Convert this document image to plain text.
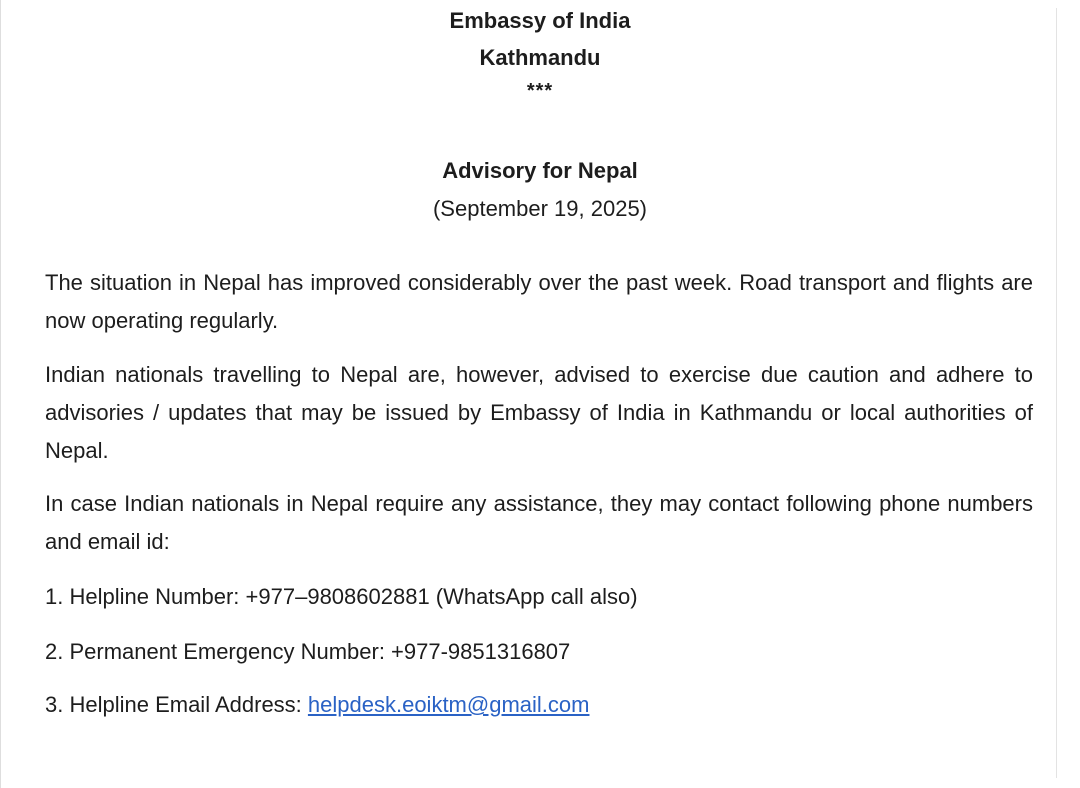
Embassy of India
Kathmandu
***
Advisory for Nepal
(September 19, 2025)
The situation in Nepal has improved considerably over the past week. Road transport and flights are now operating regularly.
Indian nationals travelling to Nepal are, however, advised to exercise due caution and adhere to advisories / updates that may be issued by Embassy of India in Kathmandu or local authorities of Nepal.
In case Indian nationals in Nepal require any assistance, they may contact following phone numbers and email id:
1. Helpline Number: +977–9808602881 (WhatsApp call also)
2. Permanent Emergency Number: +977-9851316807
3. Helpline Email Address: helpdesk.eoiktm@gmail.com
